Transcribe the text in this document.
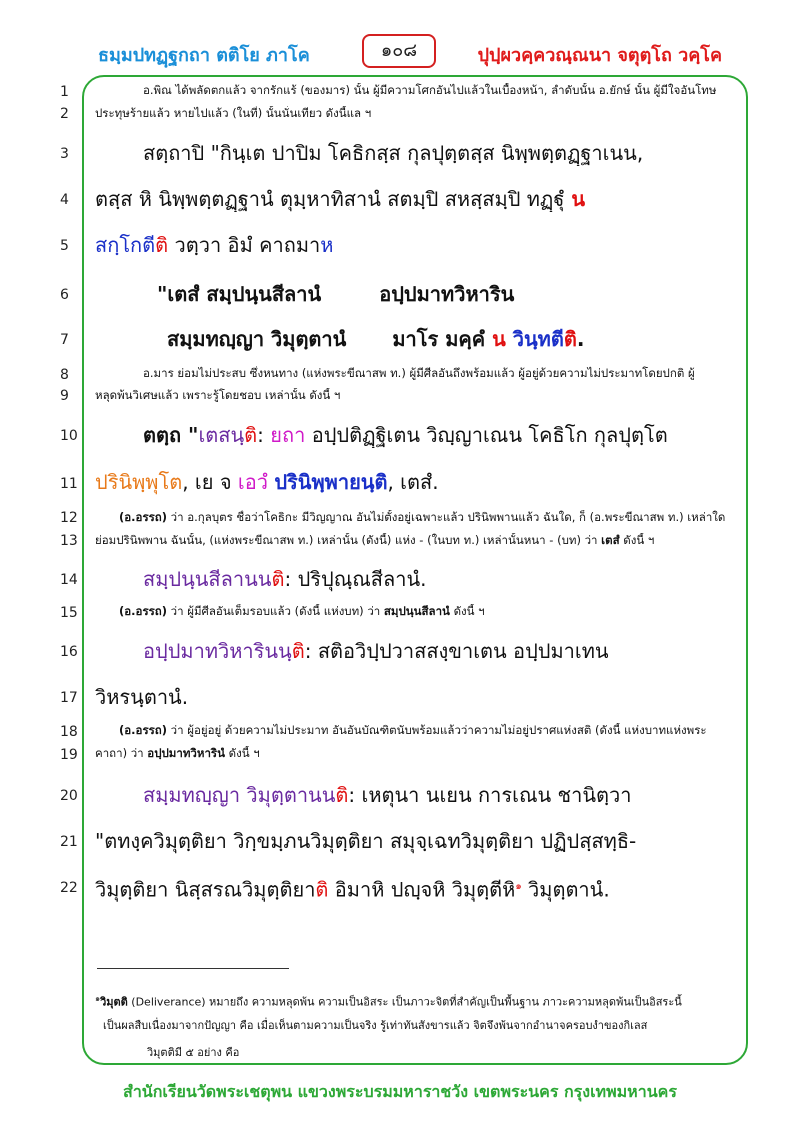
ธมฺมปทฏฺฐกถา ตติโย ภาโค	๑๐๘	ปุปฺผวคฺควณฺณนา จตุตฺโถ วคฺโค
1
2
3
4
5
6
7
8
9
10
11
12
13
14
15
16
17
18
19
20
21
22
อ.พิณ ได้พลัดตกแล้ว จากรักแร้ (ของมาร) นั้น ผู้มีความโศกอันไปแล้วในเบื้องหน้า, ลำดับนั้น อ.ยักษ์ นั้น ผู้มีใจอันโทษ
ประทุษร้ายแล้ว หายไปแล้ว (ในที่) นั้นนั่นเทียว ดังนี้แล ฯ
สตฺถาปิ "กินฺเต ปาปิม โคธิกสฺส กุลปุตฺตสฺส นิพฺพตฺตฏฺฐาเนน,
ตสฺส หิ นิพฺพตฺตฏฺฐานํ ตุมฺหาทิสานํ สตมฺปิ สหสฺสมฺปิ ทฏฺฐุํ น
สกฺโกตีติ วตฺวา อิมํ คาถมาห
"เตสํ สมฺปนฺนสีลานํ	อปฺปมาทวิหาริน
สมฺมทญฺญา วิมุตฺตานํ มาโร มคฺคํ น วินฺทตีติ.
อ.มาร ย่อมไม่ประสบ ซึ่งหนทาง (แห่งพระขีณาสพ ท.) ผู้มีศีลอันถึงพร้อมแล้ว ผู้อยู่ด้วยความไม่ประมาทโดยปกติ ผู้
หลุดพ้นวิเศษแล้ว เพราะรู้โดยชอบ เหล่านั้น ดังนี้ ฯ
ตตฺถ "เตสนฺติ: ยถา อปฺปติฏฺฐิเตน วิญฺญาเณน โคธิโก กุลปุตฺโต
ปรินิพฺพุโต, เย จ เอวํ ปรินิพฺพายนฺติ, เตสํ.
(อ.อรรถ) ว่า อ.กุลบุตร ชื่อว่าโคธิกะ มีวิญญาณ อันไม่ตั้งอยู่เฉพาะแล้ว ปรินิพพานแล้ว ฉันใด, ก็ (อ.พระขีณาสพ ท.) เหล่าใด
ย่อมปรินิพพาน ฉันนั้น, (แห่งพระขีณาสพ ท.) เหล่านั้น (ดังนี้) แห่ง - (ในบท ท.) เหล่านั้นหนา - (บท) ว่า เตสํ ดังนี้ ฯ
สมฺปนฺนสีลานนติ: ปริปุณฺณสีลานํ.
(อ.อรรถ) ว่า ผู้มีศีลอันเต็มรอบแล้ว (ดังนี้ แห่งบท) ว่า สมฺปนฺนสีลานํ ดังนี้ ฯ
อปฺปมาทวิหารินนฺติ: สติอวิปฺปวาสสงฺขาเตน อปฺปมาเทน
วิหรนฺตานํ.
(อ.อรรถ) ว่า ผู้อยู่อยู่ ด้วยความไม่ประมาท อันอันบัณฑิตนับพร้อมแล้วว่าความไม่อยู่ปราศแห่งสติ (ดังนี้ แห่งบาทแห่งพระ
คาถา) ว่า อปฺปมาทวิหารินํ ดังนี้ ฯ
สมฺมทญฺญา วิมุตฺตานนติ: เหตุนา นเยน การเณน ชานิตฺวา
"ตทงฺควิมุตฺติยา วิกฺขมฺภนวิมุตฺติยา สมุจฺเฉทวิมุตฺติยา ปฏิปสฺสทฺธิ-
วิมุตฺติยา นิสฺสรณวิมุตฺติยาติ อิมาหิ ปญฺจหิ วิมุตฺตีหิ$^๑$ วิมุตฺตานํ.
$^๑$วิมุตติ (Deliverance) หมายถึง ความหลุดพ้น ความเป็นอิสระ เป็นภาวะจิตที่สำคัญเป็นพื้นฐาน ภาวะความหลุดพ้นเป็นอิสระนี้
เป็นผลสืบเนื่องมาจากปัญญา คือ เมื่อเห็นตามความเป็นจริง รู้เท่าทันสังขารแล้ว จิตจึงพ้นจากอำนาจครอบงำของกิเลส
วิมุตติมี ๕ อย่าง คือ
สำนักเรียนวัดพระเชตุพน แขวงพระบรมมหาราชวัง เขตพระนคร กรุงเทพมหานคร
